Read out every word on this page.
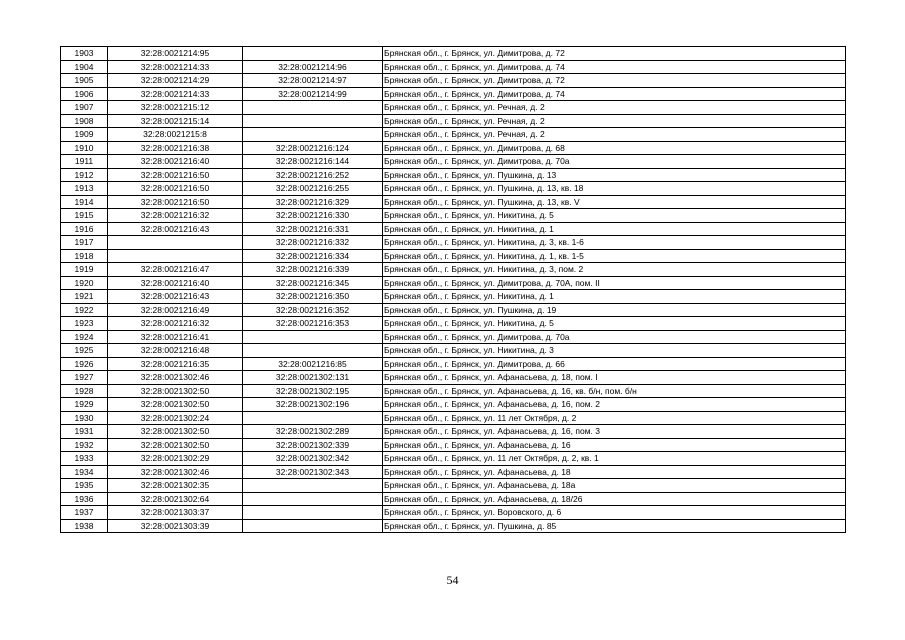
1903	32:28:0021214:95		Брянская обл., г. Брянск, ул. Димитрова, д. 72
1904	32:28:0021214:33	32:28:0021214:96	Брянская обл., г. Брянск, ул. Димитрова, д. 74
1905	32:28:0021214:29	32:28:0021214:97	Брянская обл., г. Брянск, ул. Димитрова, д. 72
1906	32:28:0021214:33	32:28:0021214:99	Брянская обл., г. Брянск, ул. Димитрова, д. 74
1907	32:28:0021215:12		Брянская обл., г. Брянск, ул. Речная, д. 2
1908	32:28:0021215:14		Брянская обл., г. Брянск, ул. Речная, д. 2
1909	32:28:0021215:8		Брянская обл., г. Брянск, ул. Речная, д. 2
1910	32:28:0021216:38	32:28:0021216:124	Брянская обл., г. Брянск, ул. Димитрова, д. 68
1911	32:28:0021216:40	32:28:0021216:144	Брянская обл., г. Брянск, ул. Димитрова, д. 70а
1912	32:28:0021216:50	32:28:0021216:252	Брянская обл., г. Брянск, ул. Пушкина, д. 13
1913	32:28:0021216:50	32:28:0021216:255	Брянская обл., г. Брянск, ул. Пушкина, д. 13, кв. 18
1914	32:28:0021216:50	32:28:0021216:329	Брянская обл., г. Брянск, ул. Пушкина, д. 13, кв. V
1915	32:28:0021216:32	32:28:0021216:330	Брянская обл., г. Брянск, ул. Никитина, д. 5
1916	32:28:0021216:43	32:28:0021216:331	Брянская обл., г. Брянск, ул. Никитина, д. 1
1917		32:28:0021216:332	Брянская обл., г. Брянск, ул. Никитина, д. 3, кв. 1-6
1918		32:28:0021216:334	Брянская обл., г. Брянск, ул. Никитина, д. 1, кв. 1-5
1919	32:28:0021216:47	32:28:0021216:339	Брянская обл., г. Брянск, ул. Никитина, д. 3, пом. 2
1920	32:28:0021216:40	32:28:0021216:345	Брянская обл., г. Брянск, ул. Димитрова, д. 70А, пом. II
1921	32:28:0021216:43	32:28:0021216:350	Брянская обл., г. Брянск, ул. Никитина, д. 1
1922	32:28:0021216:49	32:28:0021216:352	Брянская обл., г. Брянск, ул. Пушкина, д. 19
1923	32:28:0021216:32	32:28:0021216:353	Брянская обл., г. Брянск, ул. Никитина, д. 5
1924	32:28:0021216:41		Брянская обл., г. Брянск, ул. Димитрова, д. 70а
1925	32:28:0021216:48		Брянская обл., г. Брянск, ул. Никитина, д. 3
1926	32:28:0021216:35	32:28:0021216:85	Брянская обл., г. Брянск, ул. Димитрова, д. 66
1927	32:28:0021302:46	32:28:0021302:131	Брянская обл., г. Брянск, ул. Афанасьева, д. 18, пом. I
1928	32:28:0021302:50	32:28:0021302:195	Брянская обл., г. Брянск, ул. Афанасьева, д. 16, кв. б/н, пом. б/н
1929	32:28:0021302:50	32:28:0021302:196	Брянская обл., г. Брянск, ул. Афанасьева, д. 16, пом. 2
1930	32:28:0021302:24		Брянская обл., г. Брянск, ул. 11 лет Октября, д. 2
1931	32:28:0021302:50	32:28:0021302:289	Брянская обл., г. Брянск, ул. Афанасьева, д. 16, пом. 3
1932	32:28:0021302:50	32:28:0021302:339	Брянская обл., г. Брянск, ул. Афанасьева, д. 16
1933	32:28:0021302:29	32:28:0021302:342	Брянская обл., г. Брянск, ул. 11 лет Октября, д. 2, кв. 1
1934	32:28:0021302:46	32:28:0021302:343	Брянская обл., г. Брянск, ул. Афанасьева, д. 18
1935	32:28:0021302:35		Брянская обл., г. Брянск, ул. Афанасьева, д. 18а
1936	32:28:0021302:64		Брянская обл., г. Брянск, ул. Афанасьева, д. 18/26
1937	32:28:0021303:37		Брянская обл., г. Брянск, ул. Воровского, д. 6
1938	32:28:0021303:39		Брянская обл., г. Брянск, ул. Пушкина, д. 85
54
